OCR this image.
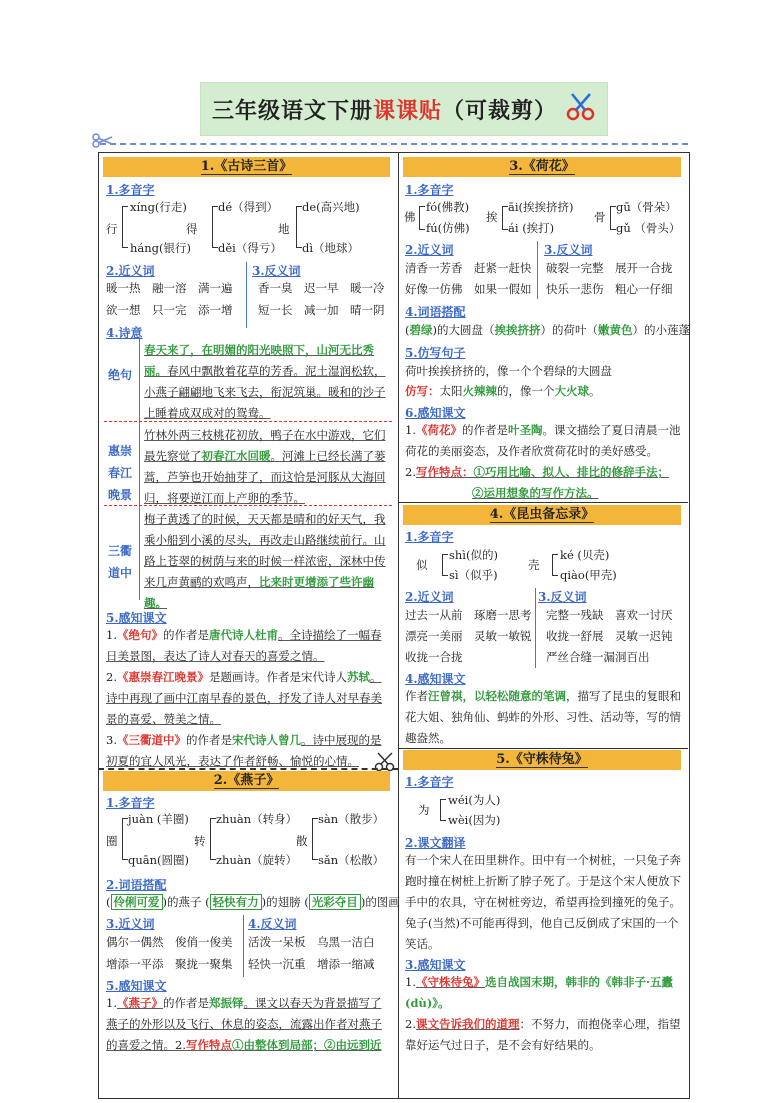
三年级语文下册课课贴（可裁剪）
1.《古诗三首》
1.多音字
行
xíng(行走)
háng(银行)
得
dé（得到）
děi（得亏）
地
de(高兴地)
dì（地球）
2.近义词
暖一热　融一溶　满一遍
欲一想　只一完　添一增
3.反义词
香一臭　迟一早　暖一冷
短一长　减一加　晴一阴
4.诗意
绝句
春天来了，在明媚的阳光映照下，山河无比秀丽。春风中飘散着花草的芳香。泥土湿润松软，小燕子翩翩地飞来飞去，衔泥筑巢。暖和的沙子上睡着成双成对的鸳鸯。
惠崇春江晚景
竹林外两三枝桃花初放，鸭子在水中游戏，它们最先察觉了初春江水回暖。河滩上已经长满了蒌蒿，芦笋也开始抽芽了，而这恰是河豚从大海回归，将要逆江而上产卵的季节。
三衢道中
梅子黄透了的时候，天天都是晴和的好天气，我乘小船到小溪的尽头，再改走山路继续前行。山路上苍翠的树荫与来的时候一样浓密，深林中传来几声黄鹂的欢鸣声，比来时更增添了些许幽趣。
5.感知课文
1.《绝句》的作者是唐代诗人杜甫。全诗描绘了一幅春日美景图，表达了诗人对春天的喜爱之情。
2.《惠崇春江晚景》是题画诗。作者是宋代诗人苏轼。诗中再现了画中江南早春的景色，抒发了诗人对早春美景的喜爱、赞美之情。
3.《三衢道中》的作者是宋代诗人曾几。诗中展现的是初夏的宜人风光，表达了作者舒畅、愉悦的心情。
2.《燕子》
1.多音字
圈
juàn (羊圈)
quān(圆圈)
转
zhuàn（转身）
zhuàn（旋转）
散
sàn（散步）
sǎn（松散）
2.词语搭配
( 伶俐可爱 )的燕子 ( 轻快有力 )的翅膀 ( 光彩夺目 )的图画
3.近义词
偶尔一偶然　俊俏一俊美
增添一平添　聚拢一聚集
4.反义词
活泼一呆板　乌黑一洁白
轻快一沉重　增添一缩减
5.感知课文
1.《燕子》的作者是郑振铎。课文以春天为背景描写了燕子的外形以及飞行、休息的姿态，流露出作者对燕子的喜爱之情。2.写作特点①由整体到局部；②由远到近
3.《荷花》
1.多音字
佛
fó(佛教)
fú(仿佛)
挨
āi(挨挨挤挤)
ái (挨打)
骨
gū（骨朵）
gǔ （骨头）
2.近义词
清香一芳香　赶紧一赶快
好像一仿佛　如果一假如
3.反义词
破裂一完整　展开一合拢
快乐一悲伤　粗心一仔细
4.词语搭配
(碧绿)的大圆盘（挨挨挤挤）的荷叶（嫩黄色）的小莲蓬
5.仿写句子
荷叶挨挨挤挤的，像一个个碧绿的大圆盘
仿写：太阳火辣辣的，像一个大火球。
6.感知课文
1.《荷花》的作者是叶圣陶。课文描绘了夏日清晨一池荷花的美丽姿态，及作者欣赏荷花时的美好感受。
2.写作特点：①巧用比喻、拟人、排比的修辞手法；
②运用想象的写作方法。
4.《昆虫备忘录》
1.多音字
似
shì(似的)
sì（似乎)
壳
ké (贝壳)
qiào(甲壳)
2.近义词
过去一从前　琢磨一思考
漂亮一美丽　灵敏一敏锐
收拢一合拢
3.反义词
完整一残缺　喜欢一讨厌
收拢一舒展　灵敏一迟钝
严丝合缝一漏洞百出
4.感知课文
作者汪曾祺，以轻松随意的笔调，描写了昆虫的复眼和花大姐、独角仙、蚂蚱的外形、习性、活动等，写的情趣盎然。
5.《守株待兔》
1.多音字
为
wéi(为人)
wèi(因为)
2.课文翻译
有一个宋人在田里耕作。田中有一个树桩，一只兔子奔跑时撞在树桩上折断了脖子死了。于是这个宋人便放下手中的农具，守在树桩旁边，希望再捡到撞死的兔子。兔子(当然)不可能再得到，他自己反倒成了宋国的一个笑话。
3.感知课文
1.《守株待兔》选自战国末期，韩非的《韩非子·五蠹(dù)》。
2.课文告诉我们的道理：不努力，而抱侥幸心理，指望靠好运气过日子，是不会有好结果的。
